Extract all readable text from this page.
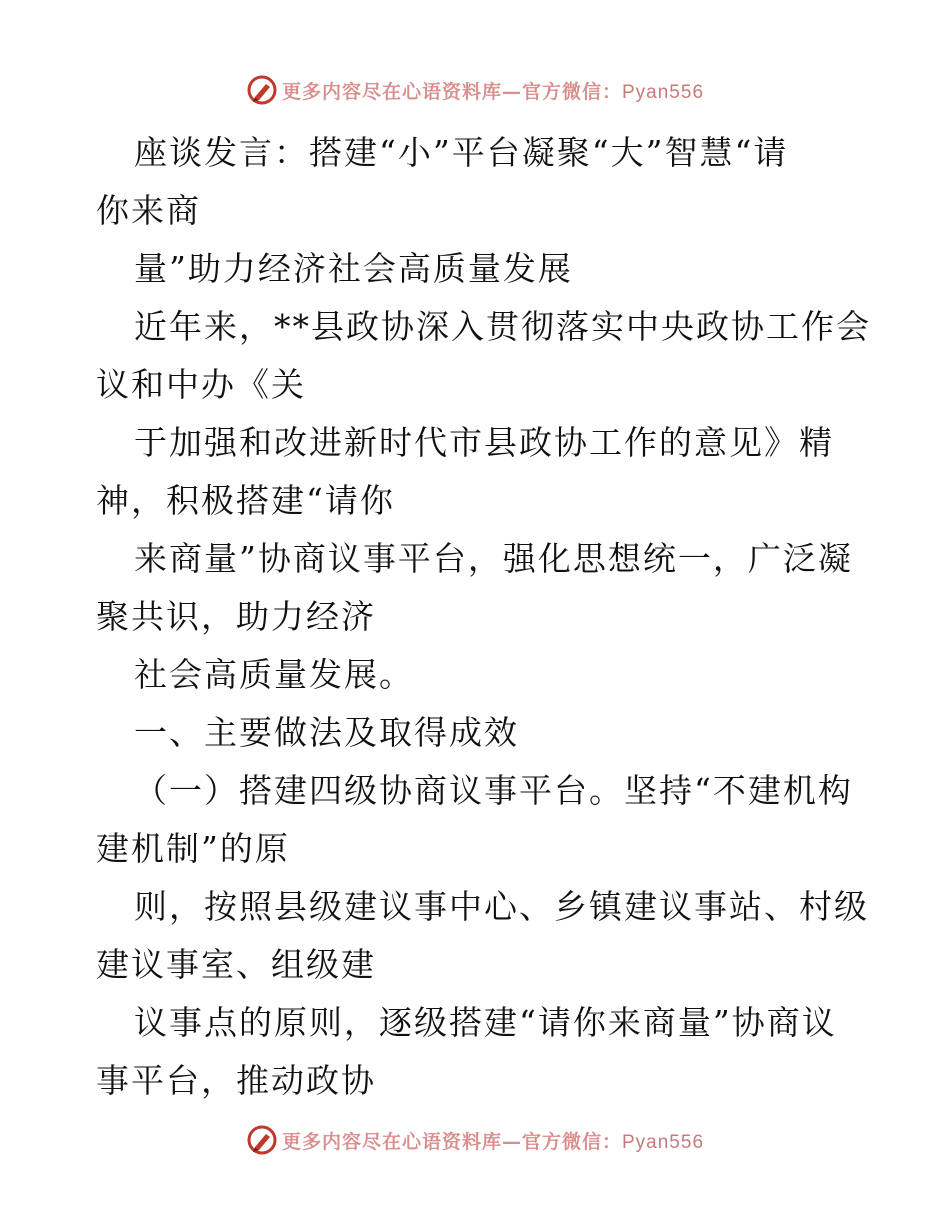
更多内容尽在心语资料库—官方微信：Pyan556
座谈发言：搭建“小”平台凝聚“大”智慧“请
你来商
量”助力经济社会高质量发展
近年来，**县政协深入贯彻落实中央政协工作会
议和中办《关
于加强和改进新时代市县政协工作的意见》精
神，积极搭建“请你
来商量”协商议事平台，强化思想统一，广泛凝
聚共识，助力经济
社会高质量发展。
一、主要做法及取得成效
（一）搭建四级协商议事平台。坚持“不建机构
建机制”的原
则，按照县级建议事中心、乡镇建议事站、村级
建议事室、组级建
议事点的原则，逐级搭建“请你来商量”协商议
事平台，推动政协
更多内容尽在心语资料库—官方微信：Pyan556
